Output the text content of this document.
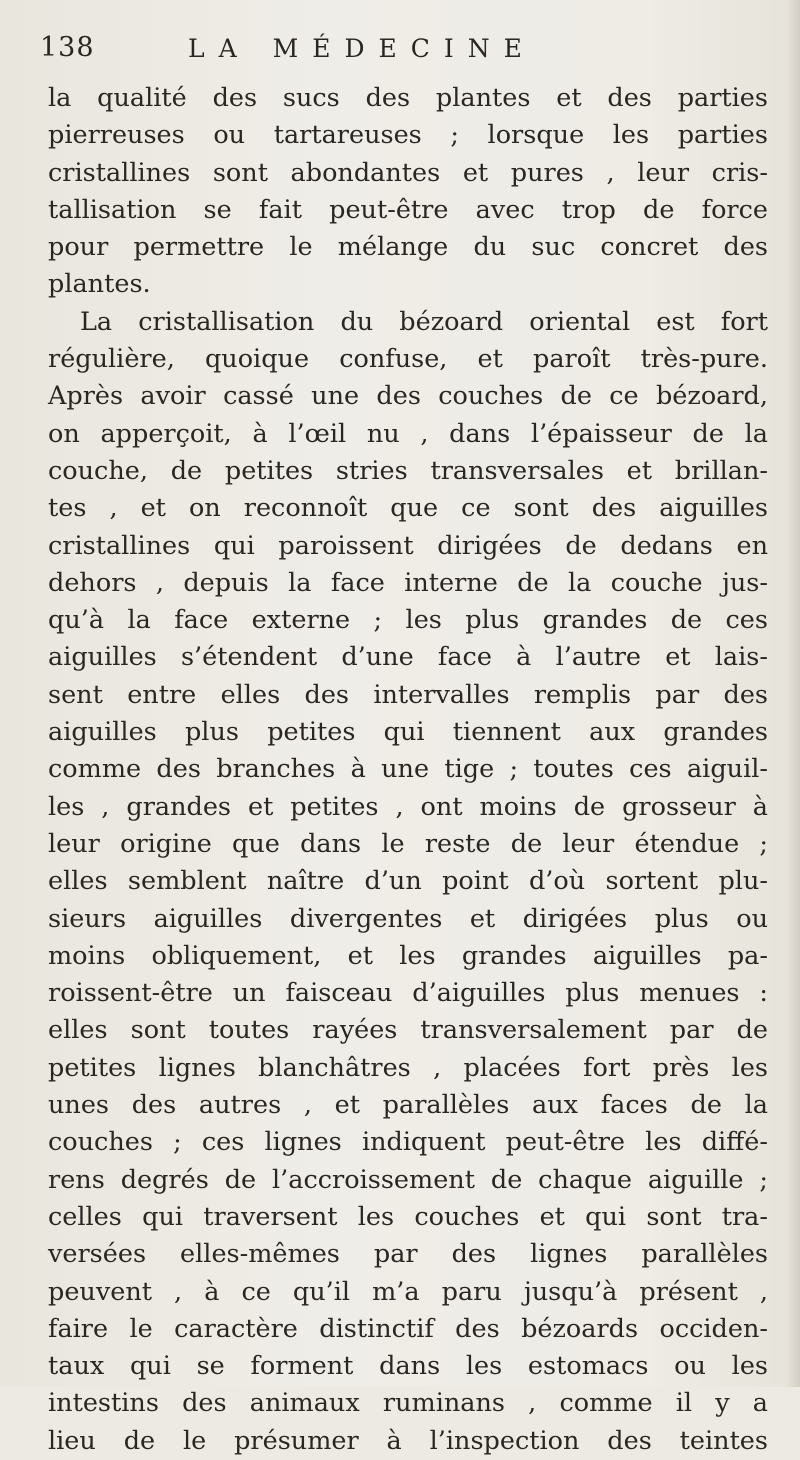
138	LA MÉDECINE
la qualité des sucs des plantes et des parties
pierreuses ou tartareuses ; lorsque les parties
cristallines sont abondantes et pures , leur cris-
tallisation se fait peut-être avec trop de force
pour permettre le mélange du suc concret des
plantes.
La cristallisation du bézoard oriental est fort
régulière, quoique confuse, et paroît très-pure.
Après avoir cassé une des couches de ce bézoard,
on apperçoit, à l’œil nu , dans l’épaisseur de la
couche, de petites stries transversales et brillan-
tes , et on reconnoît que ce sont des aiguilles
cristallines qui paroissent dirigées de dedans en
dehors , depuis la face interne de la couche jus-
qu’à la face externe ; les plus grandes de ces
aiguilles s’étendent d’une face à l’autre et lais-
sent entre elles des intervalles remplis par des
aiguilles plus petites qui tiennent aux grandes
comme des branches à une tige ; toutes ces aiguil-
les , grandes et petites , ont moins de grosseur à
leur origine que dans le reste de leur étendue ;
elles semblent naître d’un point d’où sortent plu-
sieurs aiguilles divergentes et dirigées plus ou
moins obliquement, et les grandes aiguilles pa-
roissent-être un faisceau d’aiguilles plus menues :
elles sont toutes rayées transversalement par de
petites lignes blanchâtres , placées fort près les
unes des autres , et parallèles aux faces de la
couches ; ces lignes indiquent peut-être les diffé-
rens degrés de l’accroissement de chaque aiguille ;
celles qui traversent les couches et qui sont tra-
versées elles-mêmes par des lignes parallèles
peuvent , à ce qu’il m’a paru jusqu’à présent ,
faire le caractère distinctif des bézoards occiden-
taux qui se forment dans les estomacs ou les
intestins des animaux ruminans , comme il y a
lieu de le présumer à l’inspection des teintes
